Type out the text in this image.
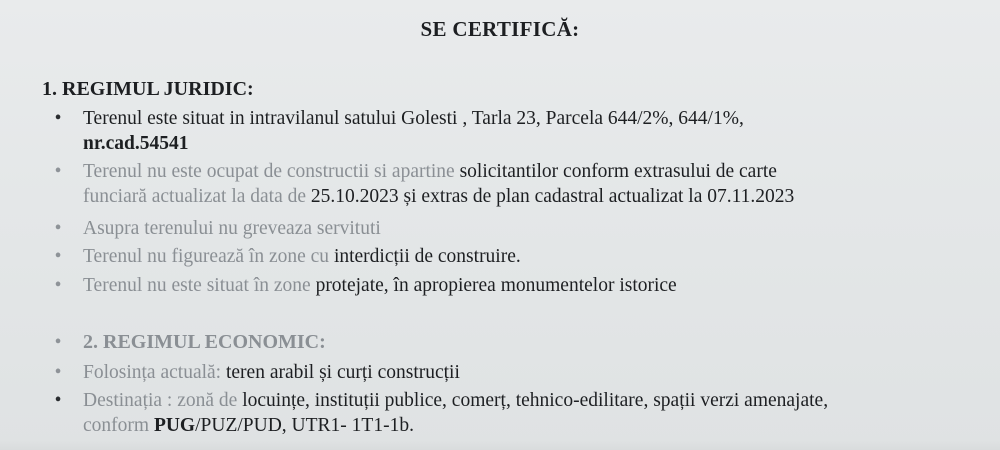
SE CERTIFICĂ:
1. REGIMUL JURIDIC:
•	Terenul este situat in intravilanul satului Golesti , Tarla 23, Parcela 644/2%, 644/1%,
nr.cad.54541
•	Terenul nu este ocupat de constructii si apartine solicitantilor conform extrasului de carte
funciară actualizat la data de 25.10.2023 și extras de plan cadastral actualizat la 07.11.2023
•	Asupra terenului nu greveaza servituti
•	Terenul nu figurează în zone cu interdicții de construire.
•	Terenul nu este situat în zone protejate, în apropierea monumentelor istorice
•	2. REGIMUL ECONOMIC:
•	Folosința actuală: teren arabil și curți construcții
•	Destinația : zonă de locuințe, instituții publice, comerț, tehnico-edilitare, spații verzi amenajate,
conform PUG/PUZ/PUD, UTR1- 1T1-1b.
